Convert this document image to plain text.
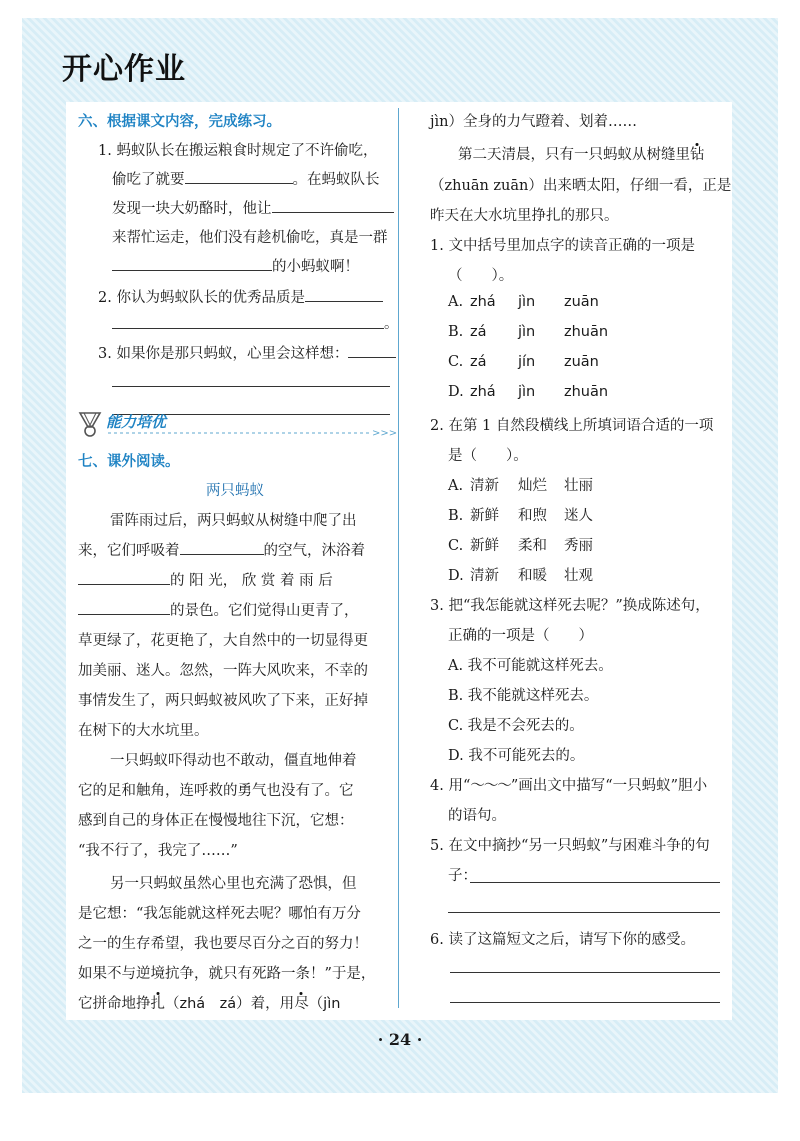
开心作业
六、根据课文内容，完成练习。
1. 蚂蚁队长在搬运粮食时规定了不许偷吃，
偷吃了就要	。在蚂蚁队长
发现一块大奶酪时，他让
来帮忙运走，他们没有趁机偷吃，真是一群
的小蚂蚁啊！
2. 你认为蚂蚁队长的优秀品质是
。
3. 如果你是那只蚂蚁，心里会这样想：
>>>
能力培优
七、课外阅读。
两只蚂蚁
雷阵雨过后，两只蚂蚁从树缝中爬了出
来，它们呼吸着	的空气，沐浴着
的 阳 光， 欣 赏 着 雨 后
的景色。它们觉得山更青了，
草更绿了，花更艳了，大自然中的一切显得更
加美丽、迷人。忽然，一阵大风吹来，不幸的
事情发生了，两只蚂蚁被风吹了下来，正好掉
在树下的大水坑里。
一只蚂蚁吓得动也不敢动，僵直地伸着
它的足和触角，连呼救的勇气也没有了。它
感到自己的身体正在慢慢地往下沉，它想：
“我不行了，我完了……”
另一只蚂蚁虽然心里也充满了恐惧，但
是它想：“我怎能就这样死去呢？哪怕有万分
之一的生存希望，我也要尽百分之百的努力！
如果不与逆境抗争，就只有死路一条！”于是，
它拼命地挣扎（zhá　zá）着，用尽（jìn
jìn）全身的力气蹬着、划着……
第二天清晨，只有一只蚂蚁从树缝里钻
（zhuān zuān）出来晒太阳，仔细一看，正是
昨天在大水坑里挣扎的那只。
1. 文中括号里加点字的读音正确的一项是
（　　）。
A. zhá jìn zuān
B. zá jìn zhuān
C. zá jín zuān
D. zhá jìn zhuān
2. 在第 1 自然段横线上所填词语合适的一项
是（　　）。
A. 清新 灿烂 壮丽
B. 新鲜 和煦 迷人
C. 新鲜 柔和 秀丽
D. 清新 和暖 壮观
3. 把“我怎能就这样死去呢？”换成陈述句，
正确的一项是（　　）
A. 我不可能就这样死去。
B. 我不能就这样死去。
C. 我是不会死去的。
D. 我不可能死去的。
4. 用“～～～”画出文中描写“一只蚂蚁”胆小
的语句。
5. 在文中摘抄“另一只蚂蚁”与困难斗争的句
子：
6. 读了这篇短文之后，请写下你的感受。
· 24 ·
